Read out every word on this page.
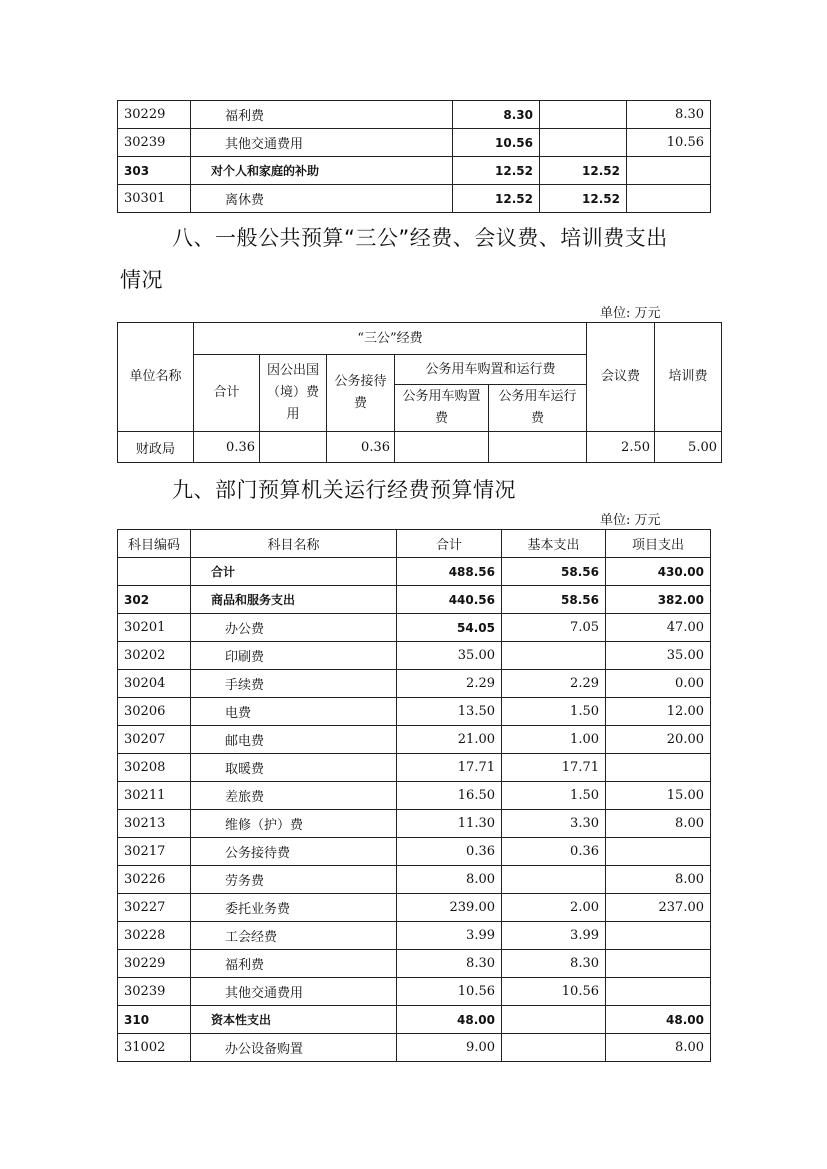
30229	福利费	8.30		8.30
30239	其他交通费用	10.56		10.56
303	对个人和家庭的补助	12.52	12.52	
30301	离休费	12.52	12.52	
八、一般公共预算“三公”经费、会议费、培训费支出
情况
单位: 万元
单位名称	“三公”经费					会议费	培训费
	合计	因公出国（境）费用	公务接待费	公务用车购置和运行费			
				公务用车购置费	公务用车运行费		
财政局	0.36		0.36			2.50	5.00
九、部门预算机关运行经费预算情况
单位: 万元
科目编码	科目名称	合计	基本支出	项目支出
	合计	488.56	58.56	430.00
302	商品和服务支出	440.56	58.56	382.00
30201	办公费	54.05	7.05	47.00
30202	印刷费	35.00		35.00
30204	手续费	2.29	2.29	0.00
30206	电费	13.50	1.50	12.00
30207	邮电费	21.00	1.00	20.00
30208	取暖费	17.71	17.71	
30211	差旅费	16.50	1.50	15.00
30213	维修（护）费	11.30	3.30	8.00
30217	公务接待费	0.36	0.36	
30226	劳务费	8.00		8.00
30227	委托业务费	239.00	2.00	237.00
30228	工会经费	3.99	3.99	
30229	福利费	8.30	8.30	
30239	其他交通费用	10.56	10.56	
310	资本性支出	48.00		48.00
31002	办公设备购置	9.00		8.00
